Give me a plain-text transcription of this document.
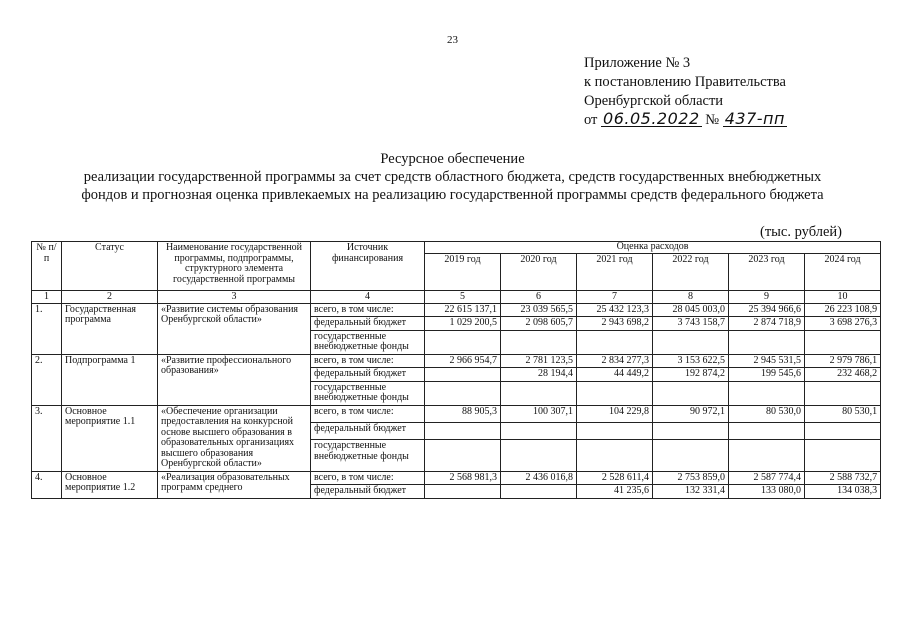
23
Приложение № 3
к постановлению Правительства
Оренбургской области
от 06.05.2022 № 437-пп
Ресурсное обеспечение
реализации государственной программы за счет средств областного бюджета, средств государственных внебюджетных
фондов и прогнозная оценка привлекаемых на реализацию государственной программы средств федерального бюджета
(тыс. рублей)
№ п/п	Статус	Наименование государственной программы, подпрограммы, структурного элемента государственной программы	Источник финансирования	Оценка расходов					
				2019 год	2020 год	2021 год	2022 год	2023 год	2024 год
1	2	3	4	5	6	7	8	9	10
1.	Государственная программа	«Развитие системы образования Оренбургской области»	всего, в том числе:	22 615 137,1	23 039 565,5	25 432 123,3	28 045 003,0	25 394 966,6	26 223 108,9
			федеральный бюджет	1 029 200,5	2 098 605,7	2 943 698,2	3 743 158,7	2 874 718,9	3 698 276,3
			государственные внебюджетные фонды						
2.	Подпрограмма 1	«Развитие профессионального образования»	всего, в том числе:	2 966 954,7	2 781 123,5	2 834 277,3	3 153 622,5	2 945 531,5	2 979 786,1
			федеральный бюджет		28 194,4	44 449,2	192 874,2	199 545,6	232 468,2
			государственные внебюджетные фонды						
3.	Основное мероприятие 1.1	«Обеспечение организации предоставления на конкурсной основе высшего образования в образовательных организациях высшего образования Оренбургской области»	всего, в том числе:	88 905,3	100 307,1	104 229,8	90 972,1	80 530,0	80 530,1
			федеральный бюджет						
			государственные внебюджетные фонды						
4.	Основное мероприятие 1.2	«Реализация образовательных программ среднего	всего, в том числе:	2 568 981,3	2 436 016,8	2 528 611,4	2 753 859,0	2 587 774,4	2 588 732,7
			федеральный бюджет			41 235,6	132 331,4	133 080,0	134 038,3
